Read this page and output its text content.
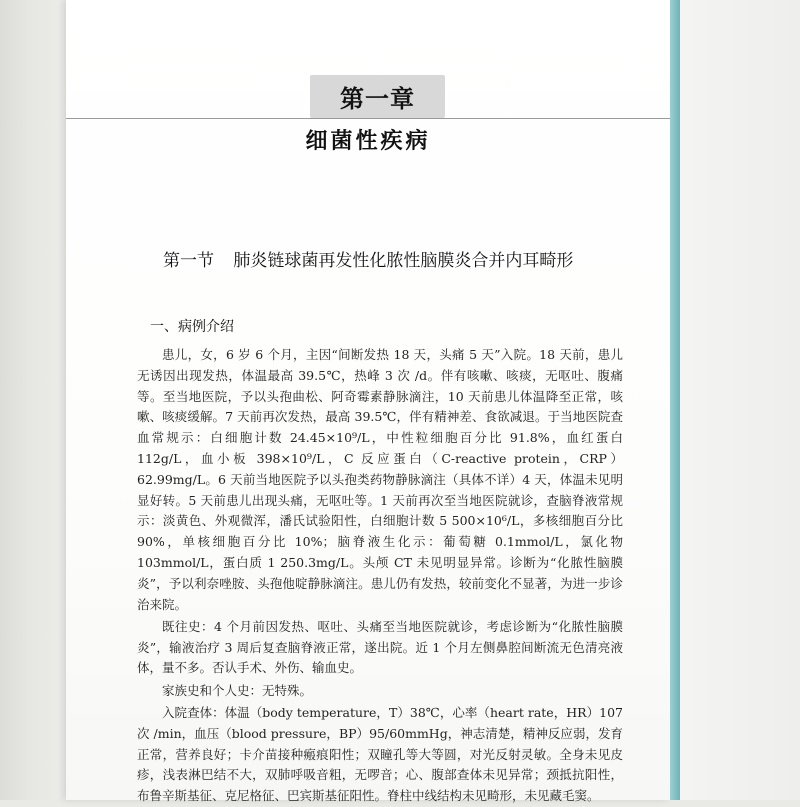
第一章
细菌性疾病
第一节 肺炎链球菌再发性化脓性脑膜炎合并内耳畸形
一、病例介绍

患儿，女，6 岁 6 个月，主因“间断发热 18 天，头痛 5 天”入院。18 天前，患儿无诱因出现发热，体温最高 39.5℃，热峰 3 次 /d。伴有咳嗽、咳痰，无呕吐、腹痛等。至当地医院，予以头孢曲松、阿奇霉素静脉滴注，10 天前患儿体温降至正常，咳嗽、咳痰缓解。7 天前再次发热，最高 39.5℃，伴有精神差、食欲减退。于当地医院查血常规示：白细胞计数 24.45×10⁹/L，中性粒细胞百分比 91.8%，血红蛋白 112g/L，血小板 398×10⁹/L，C 反应蛋白（C-reactive protein，CRP）62.99mg/L。6 天前当地医院予以头孢类药物静脉滴注（具体不详）4 天，体温未见明显好转。5 天前患儿出现头痛，无呕吐等。1 天前再次至当地医院就诊，查脑脊液常规示：淡黄色、外观微浑，潘氏试验阳性，白细胞计数 5 500×10⁶/L，多核细胞百分比 90%，单核细胞百分比 10%；脑脊液生化示：葡萄糖 0.1mmol/L，氯化物 103mmol/L，蛋白质 1 250.3mg/L。头颅 CT 未见明显异常。诊断为“化脓性脑膜炎”，予以利奈唑胺、头孢他啶静脉滴注。患儿仍有发热，较前变化不显著，为进一步诊治来院。

既往史：4 个月前因发热、呕吐、头痛至当地医院就诊，考虑诊断为“化脓性脑膜炎”，输液治疗 3 周后复查脑脊液正常，遂出院。近 1 个月左侧鼻腔间断流无色清亮液体，量不多。否认手术、外伤、输血史。

家族史和个人史：无特殊。

入院查体：体温（body temperature，T）38℃，心率（heart rate，HR）107 次 /min，血压（blood pressure，BP）95/60mmHg，神志清楚，精神反应弱，发育正常，营养良好；卡介苗接种瘢痕阳性；双瞳孔等大等圆，对光反射灵敏。全身未见皮疹，浅表淋巴结不大，双肺呼吸音粗，无啰音；心、腹部查体未见异常；颈抵抗阳性，布鲁辛斯基征、克尼格征、巴宾斯基征阳性。脊柱中线结构未见畸形，未见藏毛窦。
